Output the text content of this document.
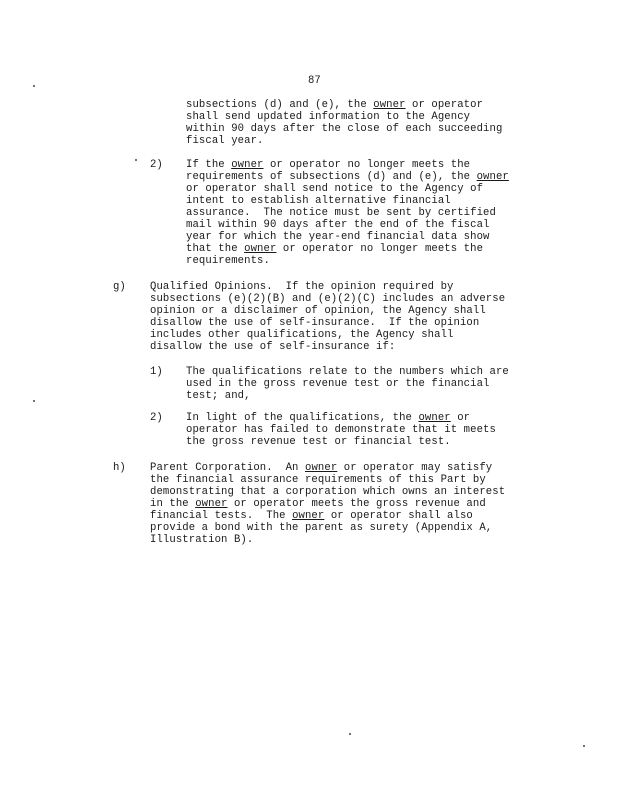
87
subsections (d) and (e), the owner or operator
shall send updated information to the Agency
within 90 days after the close of each succeeding
fiscal year.
2) If the owner or operator no longer meets the
requirements of subsections (d) and (e), the owner
or operator shall send notice to the Agency of
intent to establish alternative financial
assurance.  The notice must be sent by certified
mail within 90 days after the end of the fiscal
year for which the year-end financial data show
that the owner or operator no longer meets the
requirements.
g) Qualified Opinions.  If the opinion required by
subsections (e)(2)(B) and (e)(2)(C) includes an adverse
opinion or a disclaimer of opinion, the Agency shall
disallow the use of self-insurance.  If the opinion
includes other qualifications, the Agency shall
disallow the use of self-insurance if:
1) The qualifications relate to the numbers which are
used in the gross revenue test or the financial
test; and,
2) In light of the qualifications, the owner or
operator has failed to demonstrate that it meets
the gross revenue test or financial test.
h) Parent Corporation.  An owner or operator may satisfy
the financial assurance requirements of this Part by
demonstrating that a corporation which owns an interest
in the owner or operator meets the gross revenue and
financial tests.  The owner or operator shall also
provide a bond with the parent as surety (Appendix A,
Illustration B).
